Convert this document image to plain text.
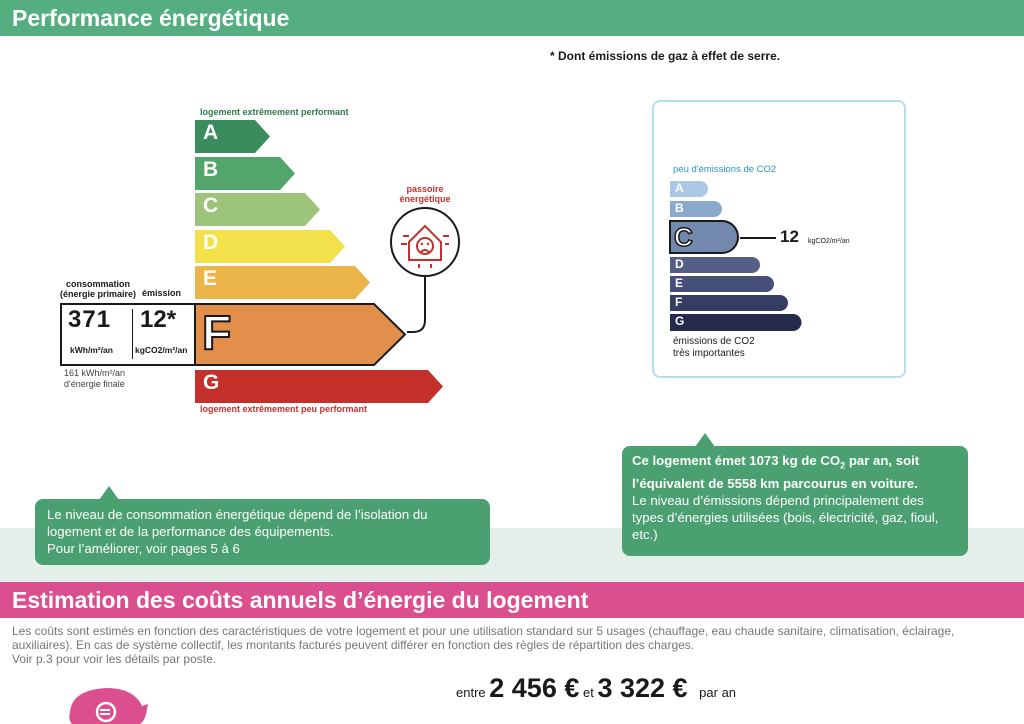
Performance énergétique
* Dont émissions de gaz à effet de serre.
logement extrêmement performant
A
B
C
D
E
consommation
(énergie primaire) émission
371 12*
kWh/m²/an	kgCO2/m²/an
161 kWh/m²/an
d'énergie finale
F
G
logement extrêmement peu performant
passoire
énergétique
peu d'émissions de CO2
A
B
C	12 kgCO2/m²/an
D
E
F
G
émissions de CO2
très importantes
Le niveau de consommation énergétique dépend de l’isolation du logement et de la performance des équipements.
Pour l’améliorer, voir pages 5 à 6
Ce logement émet 1073 kg de $CO_2$ par an, soit
l’équivalent de 5558 km parcourus en voiture.
Le niveau d’émissions dépend principalement des types d’énergies utilisées (bois, électricité, gaz, fioul, etc.)
Estimation des coûts annuels d’énergie du logement
Les coûts sont estimés en fonction des caractéristiques de votre logement et pour une utilisation standard sur 5 usages (chauffage, eau chaude sanitaire, climatisation, éclairage, auxiliaires). En cas de système collectif, les montants facturés peuvent différer en fonction des règles de répartition des charges.
Voir p.3 pour voir les détails par poste.
entre 2 456 € et 3 322 € par an
